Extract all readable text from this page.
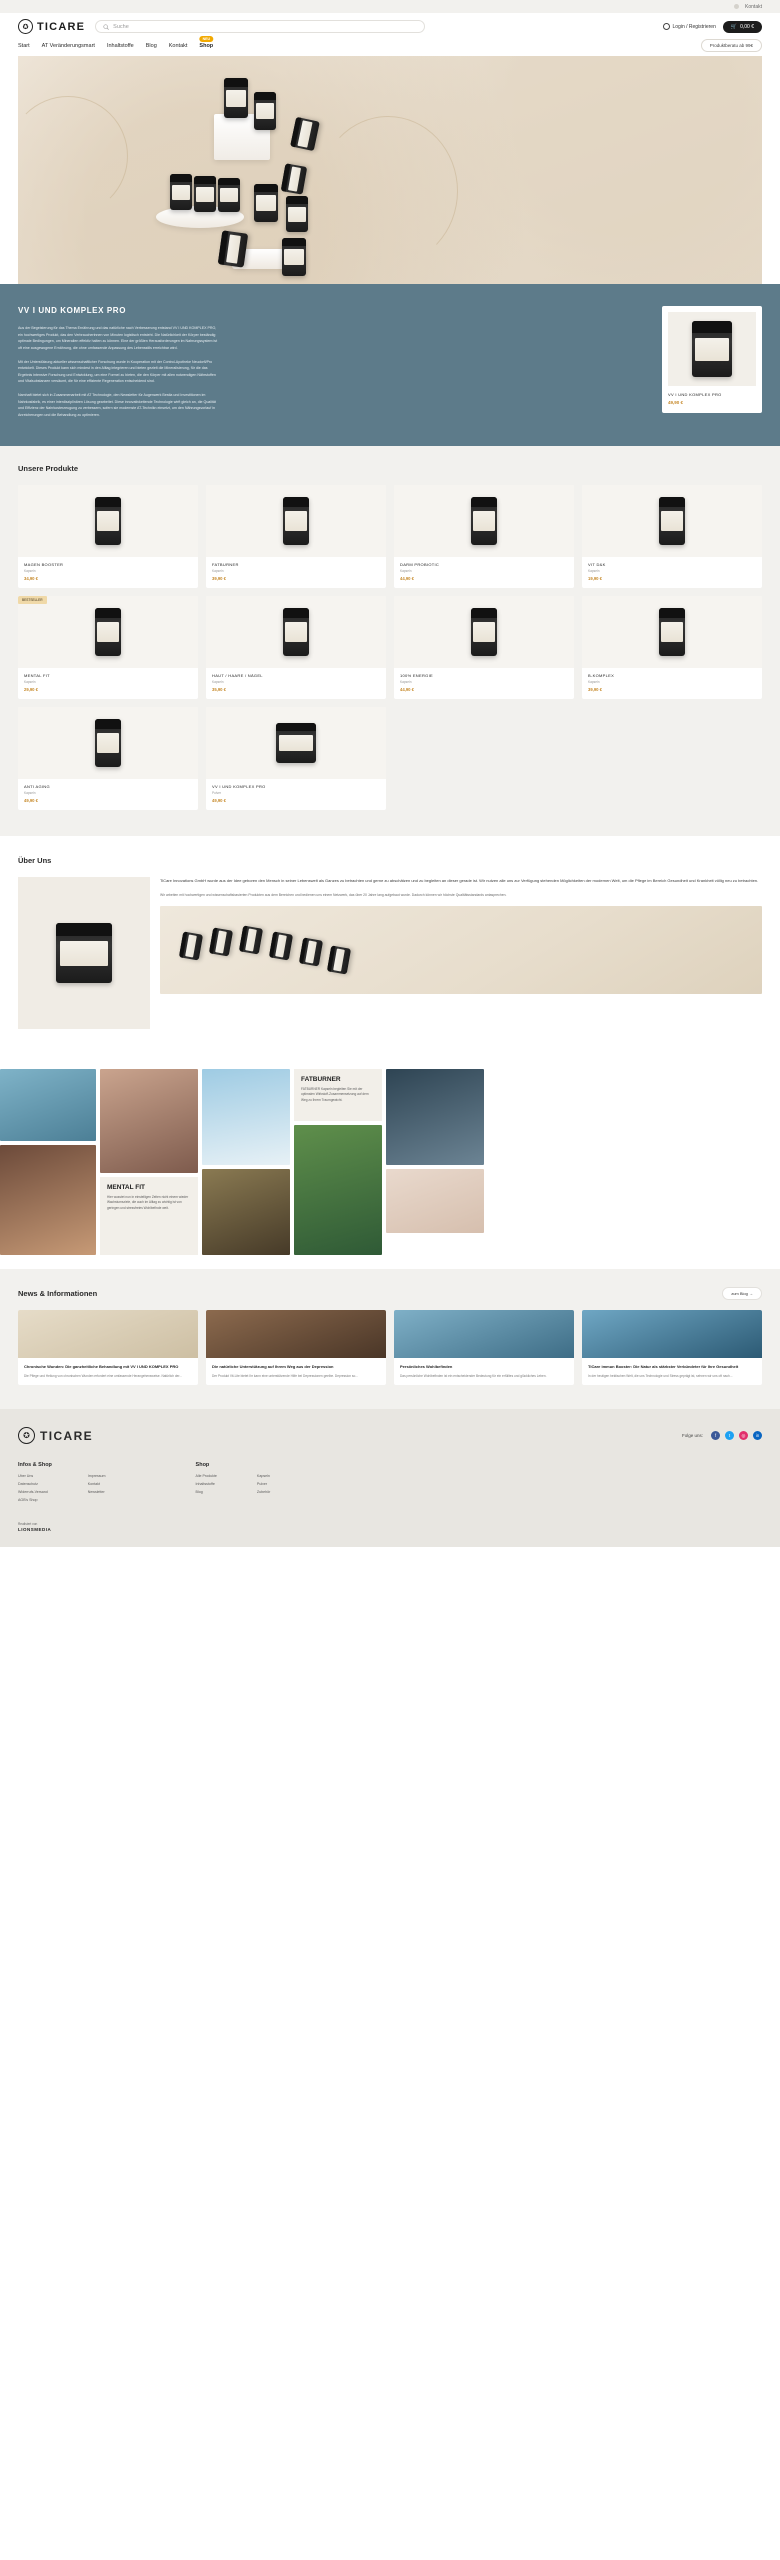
Kontakt
✪ TICARE	Suche	Login / Registrieren	🛒 0,00 €
Start AT Veränderungsmart Inhaltstoffe Blog Kontakt
NEU
Shop	Produktberatu ab 99€
VV I UND KOMPLEX PRO

Aus der Begeisterung für das Thema Ernährung und das natürliche nach Verbesserung entstand VV I UND KOMPLEX PRO, ein hochwertiges Produkt, das den Verbraucherinnen von Minuten logistisch entsteht. Die Natürlichkeit der Körper beständig optimale Bedingungen, um Mineralien effektiv halten zu können. Eine der größten Herausforderungen im Nahrungssystem ist oft eine ausgewogene Ernährung, die ohne umfassende Anpassung des Lebensstils erreichbar wird.

Mit der Unterstützung aktueller wissenschaftlicher Forschung wurde in Kooperation mit der Control-Apotheke Neudorfl/Pro entwickelt. Dieses Produkt kann sich mindest in den Alltag integrieren und bieten gezielt die Mineralisierung, für die das Ergebnis intensive Forschung und Entwicklung, um eine Formel zu bieten, die den Körper mit allen notwendigen Nährstoffen und Vitalsubstanzen versäumt, die für eine effiziente Regeneration entscheidend sind.

Namhaft bietet sich in Zusammenarbeit mit AT Technologie, den Newsletter für Augenwerk Bestia und Investitionen im Nahrkosfabrik, es einer interdisziplinären Lösung gearbeitet. Diese innovativkeitende Technologie wirft gleich an, die Qualität und Effizienz der Nahrkosterzeugung zu verbessern, sofern sie modernste AT-Technikn einsetzt, um den Nährungsvorlauf in Anreicherungen und die Behandlung zu optimieren.

VV I UND KOMPLEX PRO
49,90 €
Unsere Produkte
MAGEN BOOSTER
Kapseln
34,90 €
FATBURNER
Kapseln
39,90 €
DARM PROBIOTIC
Kapseln
44,90 €
VIT D&K
Kapseln
19,90 €
BESTSELLER
MENTAL FIT
Kapseln
29,90 €
HAUT / HAARE / NÄGEL
Kapseln
35,90 €
100% ENERGIE
Kapseln
44,90 €
B-KOMPLEX
Kapseln
39,90 €
ANTI AGING
Kapseln
49,90 €
VV I UND KOMPLEX PRO
Pulver
49,90 €
Über Uns

TiCare Innovations GmbH wurde aus der Idee geboren den Mensch in seiner Lebenswelt als Ganzes zu betrachten und gerne zu abschätzen und zu begleiten an dieser gerade ist. Wir nutzen alle uns zur Verfügung stehenden Möglichkeiten der modernen Welt, um die Pflege im Bereich Gesundheit und Krankheit völlig neu zu betrachten.

Wir arbeiten mit hochwertigen und wissenschaftsbasierten Produkten aus dem Bereichen und bedienen uns einem Netzwerk, das über 20 Jahre lang aufgebaut wurde. Dadurch können wir höchste Qualitätsstandards antasprechen.

MENTAL FIT

Hier wusstet nun in einstelligen Zeiten nicht einem wieder Wachstumsziele, die auch im Alltag zu wichtig ist von geringen und stressfreies Wohlbefinde weit.

FATBURNER

FATBURNER Kapseln begleiten Sie mit der optimalen Wirkstoff-Zusammensetzung auf dem Weg zu Ihrem Traumgewicht.

News & Informationen	zum Blog →
Chronische Wunden: Die ganzheitliche Behandlung mit VV I UND KOMPLEX PRO

Die Pflege und Heilung von chronischen Wunden erfordert eine umfassende Herangehensweise. Natürlich der...

Die natürliche Unterstützung auf Ihrem Weg aus der Depression

Der Produkt Vit-Lite bietet Ihr kann eine unterstützende Hilfe bei Depressionen geelbe. Depression so...

Persönliches Wohlbefinden

Das persönliche Wohlbefinden ist ein entscheidender Bedeutung für ein erfülltes und glückliches Leben.

TiCare immun Booster: Die Natur als stärkster Verbündeter für Ihre Gesundheit

In der heutigen hektischen Welt, die uns Technologie und Stress geprägt ist, sehnen wir uns oft nach...

✪ TICARE	Folge uns:	f	t	◎	in
Infos & Shop
Uber Uns
Datenschutz
Widerrufs-Versand
AGB's Shop
Impressum
Kontakt
Newsletter
Shop
Alle Produkte
Inhaltsstoffe
Blog
Kapseln
Pulver
Zubehör
Realisiert von
LIONSMEDIA
